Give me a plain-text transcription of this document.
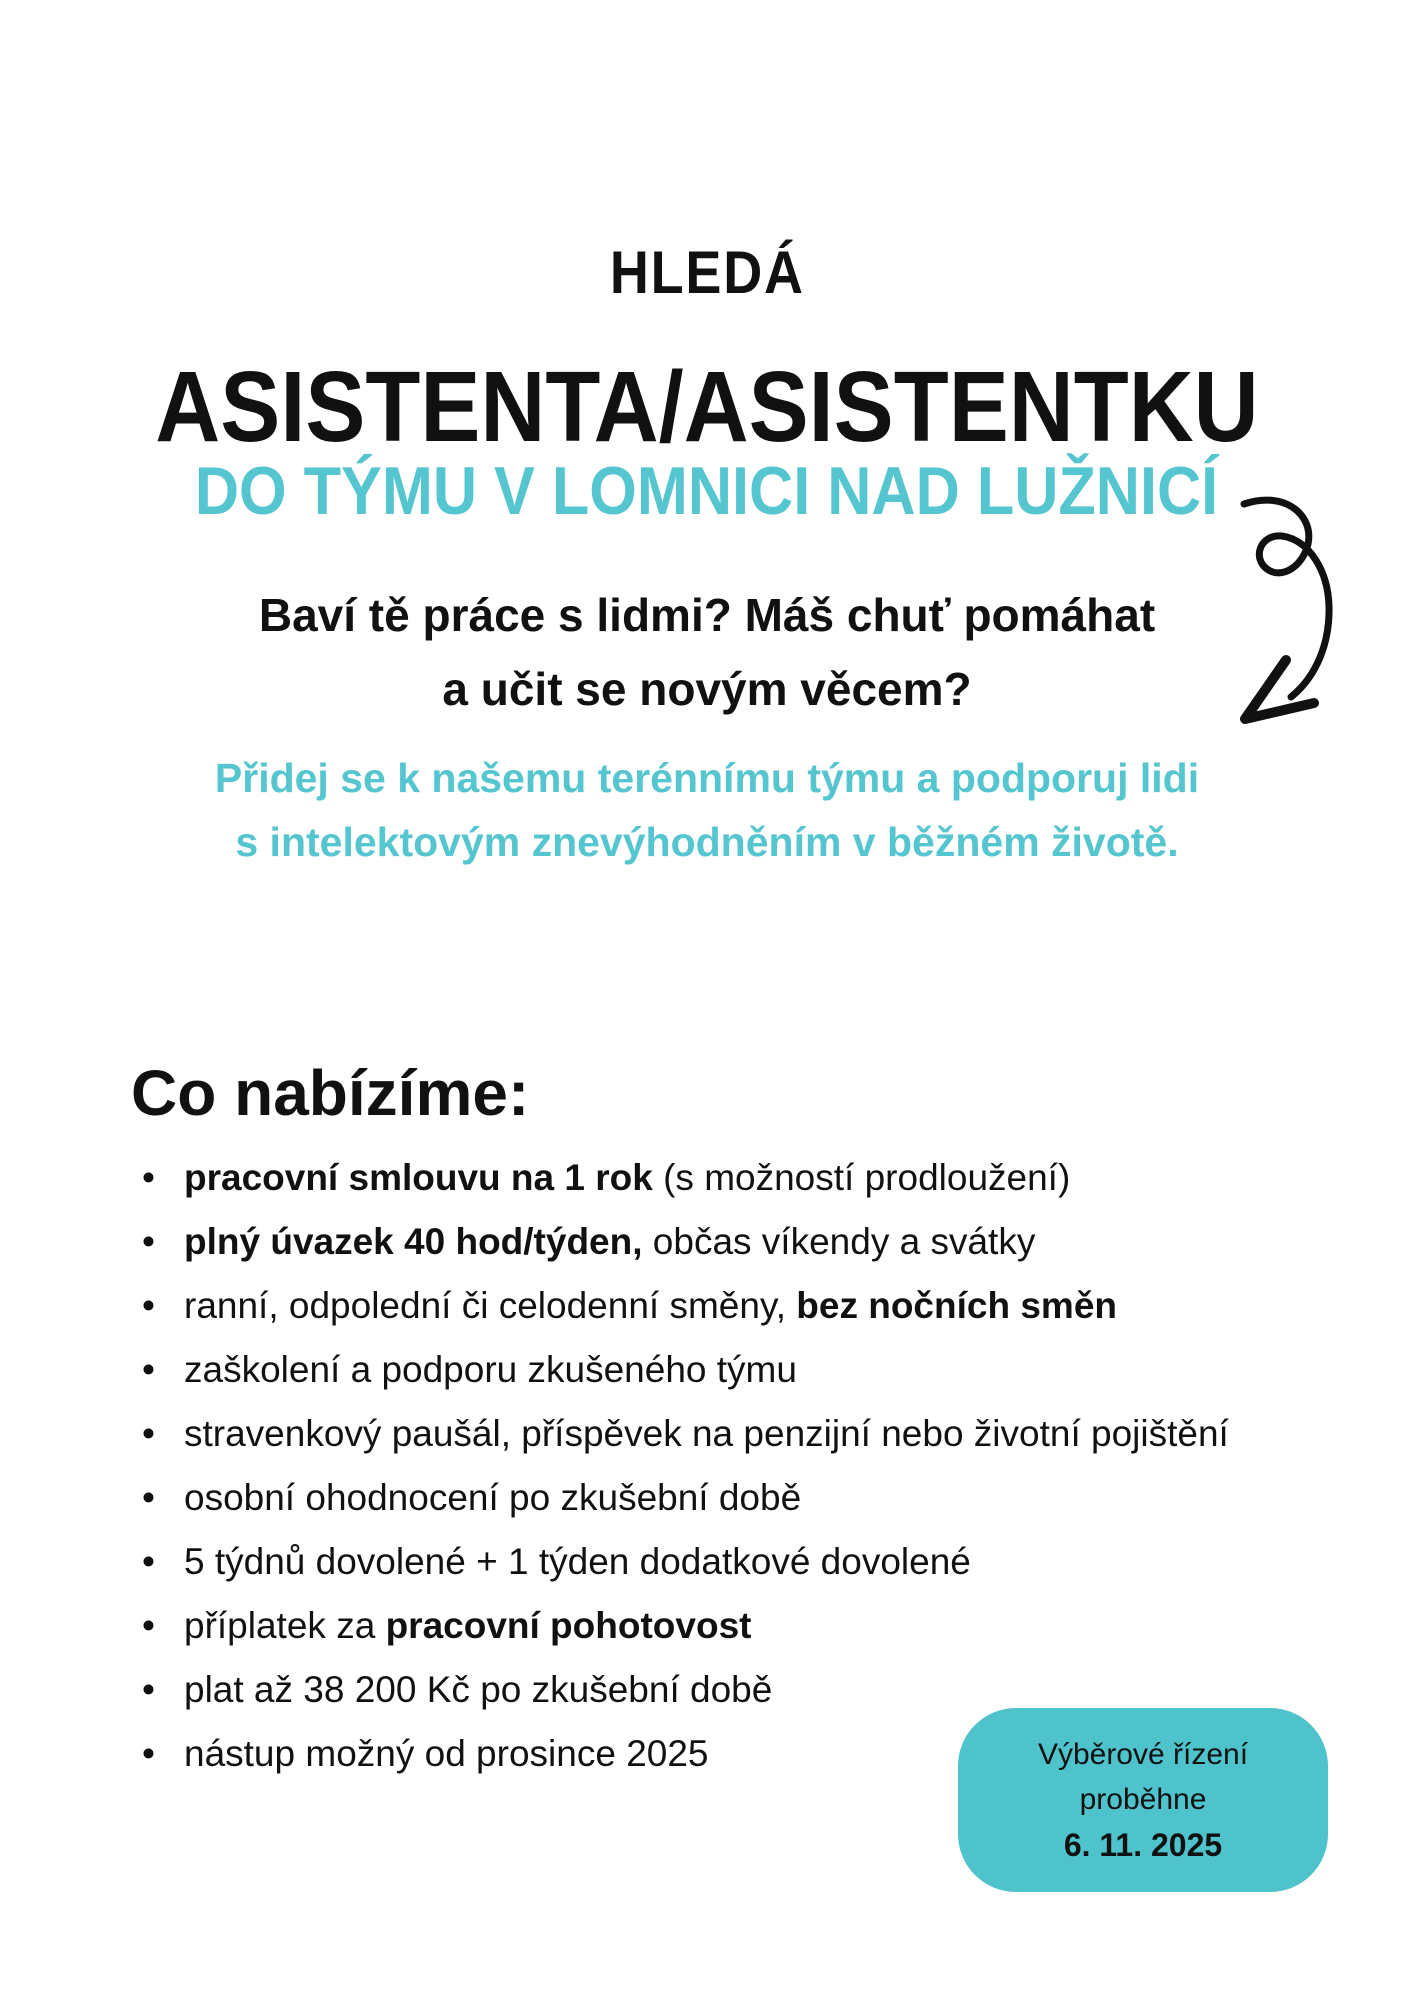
HLEDÁ
ASISTENTA/ASISTENTKU
DO TÝMU V LOMNICI NAD LUŽNICÍ
Baví tě práce s lidmi? Máš chuť pomáhat
a učit se novým věcem?
Přidej se k našemu terénnímu týmu a podporuj lidi
s intelektovým znevýhodněním v běžném životě.
Co nabízíme:
• pracovní smlouvu na 1 rok (s možností prodloužení)
• plný úvazek 40 hod/týden, občas víkendy a svátky
• ranní, odpolední či celodenní směny, bez nočních směn
• zaškolení a podporu zkušeného týmu
• stravenkový paušál, příspěvek na penzijní nebo životní pojištění
• osobní ohodnocení po zkušební době
• 5 týdnů dovolené + 1 týden dodatkové dovolené
• příplatek za pracovní pohotovost
• plat až 38 200 Kč po zkušební době
• nástup možný od prosince 2025	Výběrové řízení
proběhne
6. 11. 2025
